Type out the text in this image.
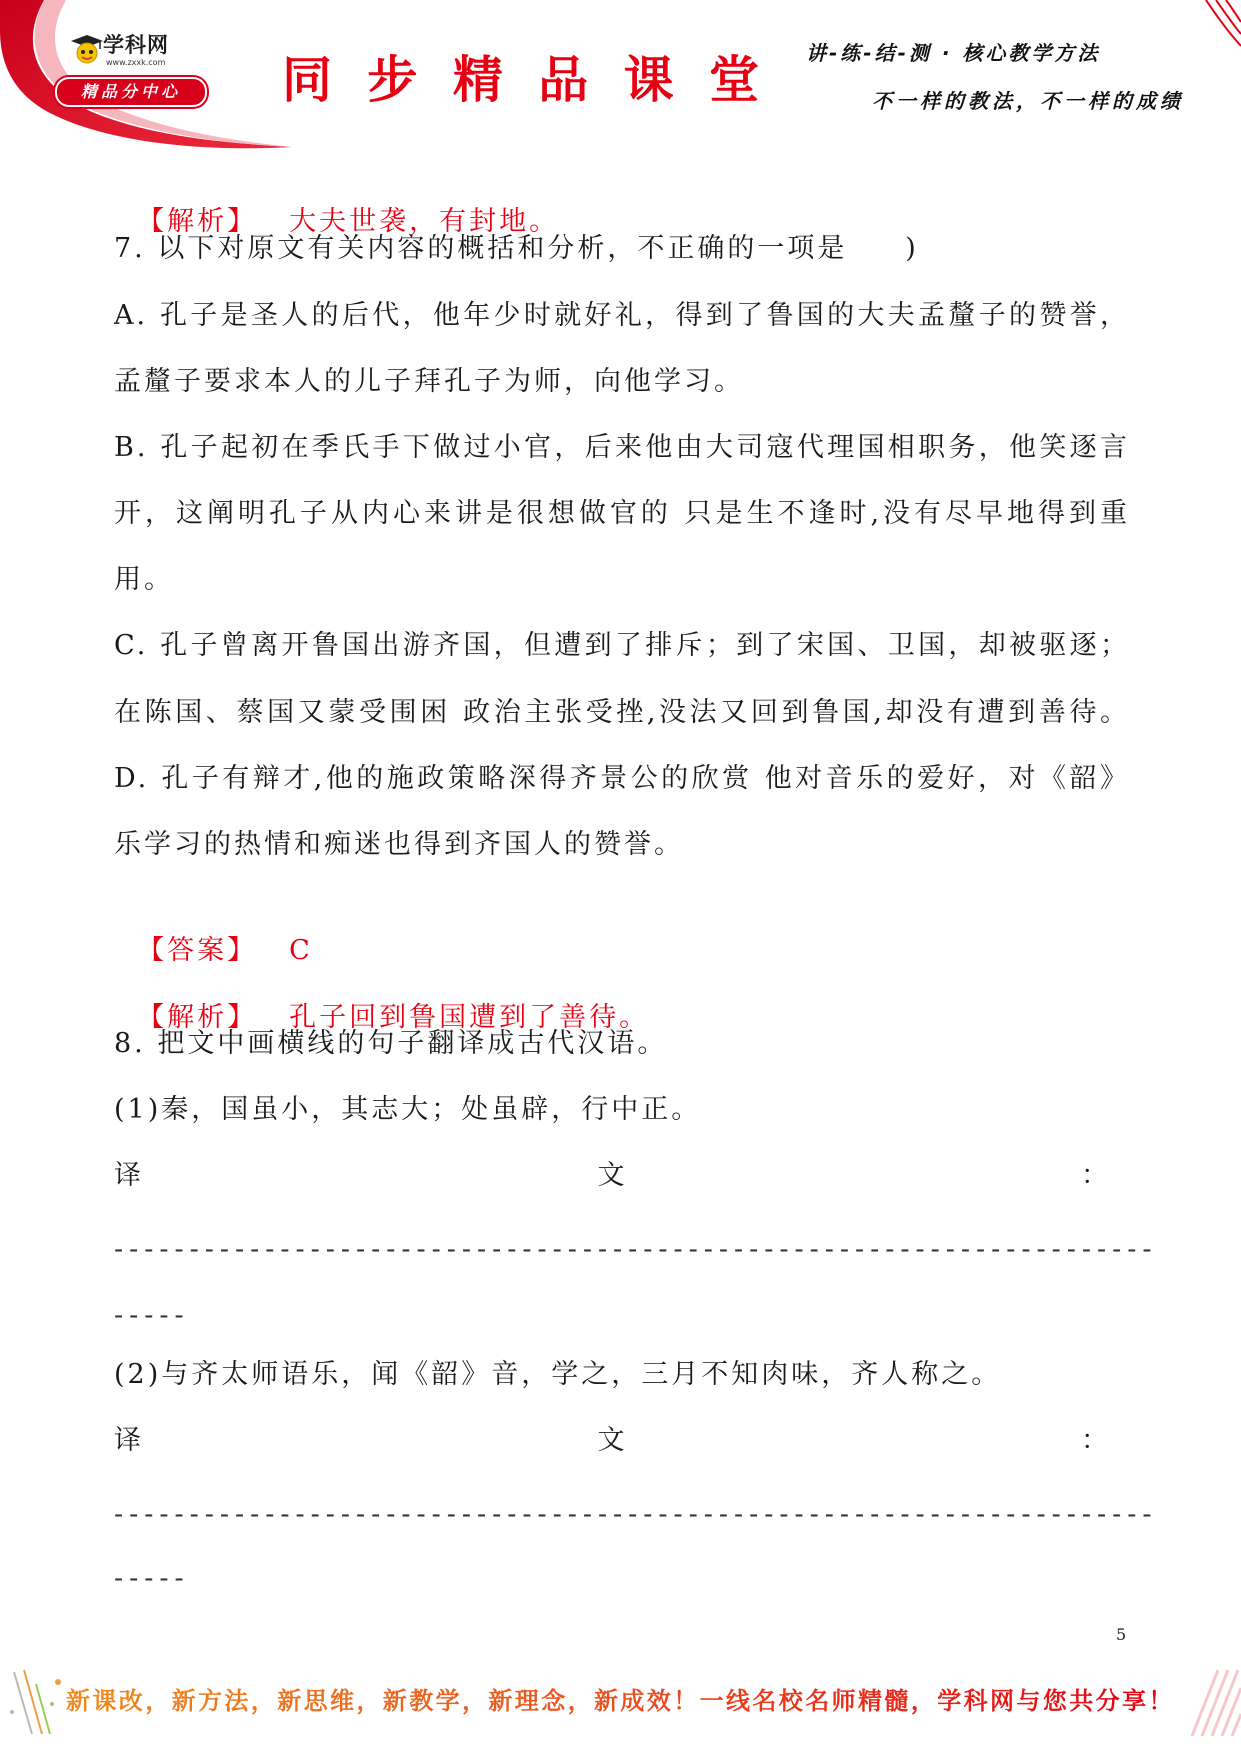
学科网
www.zxxk.com
精品分中心	同 步 精 品 课 堂 讲-练-结-测 · 核心教学方法
不一样的教法，不一样的成绩

【解析】 大夫世袭，有封地。

7. 以下对原文有关内容的概括和分析，不正确的一项是     )
A. 孔子是圣人的后代，他年少时就好礼，得到了鲁国的大夫孟釐子的赞誉，
孟釐子要求本人的儿子拜孔子为师，向他学习。
B. 孔子起初在季氏手下做过小官，后来他由大司寇代理国相职务，他笑逐言
开，这阐明孔子从内心来讲是很想做官的 只是生不逢时,没有尽早地得到重
用。
C. 孔子曾离开鲁国出游齐国，但遭到了排斥；到了宋国、卫国，却被驱逐；
在陈国、蔡国又蒙受围困 政治主张受挫,没法又回到鲁国,却没有遭到善待。
D. 孔子有辩才,他的施政策略深得齐景公的欣赏 他对音乐的爱好，对《韶》
乐学习的热情和痴迷也得到齐国人的赞誉。

【答案】 C

【解析】 孔子回到鲁国遭到了善待。

8. 把文中画横线的句子翻译成古代汉语。
(1)秦，国虽小，其志大；处虽辟，行中正。
译	文	：
---------------------------------------------------------------------
-----
(2)与齐太师语乐，闻《韶》音，学之，三月不知肉味，齐人称之。
译	文	：
---------------------------------------------------------------------
-----
5
新课改，新方法，新思维，新教学，新理念，新成效！一线名校名师精髓，学科网与您共分享！
